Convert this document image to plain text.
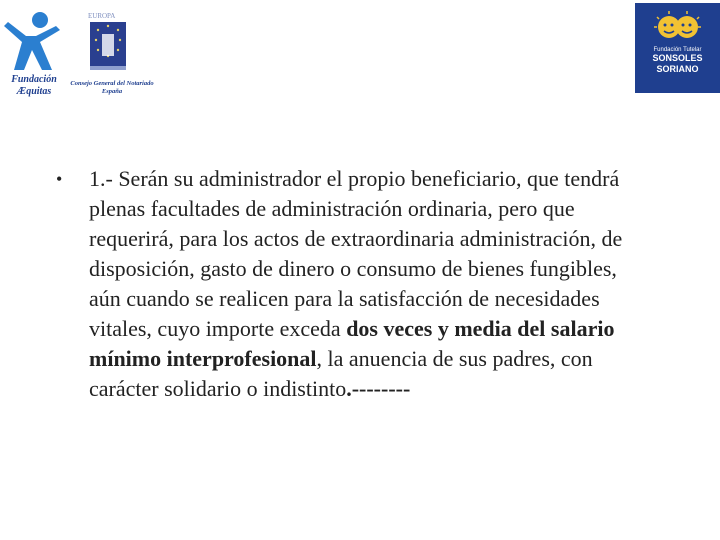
Fundación
Æquitas
EUROPA
Consejo General del Notariado
España
Fundación Tutelar
SONSOLES
SORIANO
• 1.- Serán su administrador el propio beneficiario, que tendrá plenas facultades de administración ordinaria, pero que requerirá, para los actos de extraordinaria administración, de disposición, gasto de dinero o consumo de bienes fungibles, aún cuando se realicen para la satisfacción de necesidades vitales, cuyo importe exceda dos veces y media del salario mínimo interprofesional, la anuencia de sus padres, con carácter solidario o indistinto.--------
